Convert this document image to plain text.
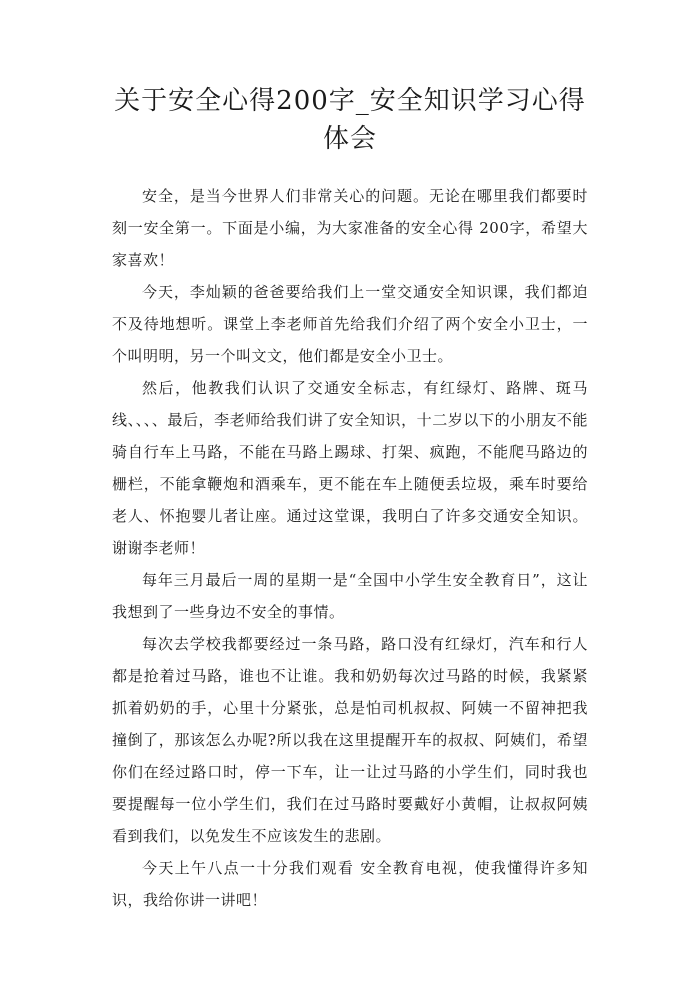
关于安全心得200字_安全知识学习心得体会

安全，是当今世界人们非常关心的问题。无论在哪里我们都要时刻一安全第一。下面是小编，为大家准备的安全心得 200字，希望大家喜欢！

今天，李灿颖的爸爸要给我们上一堂交通安全知识课，我们都迫不及待地想听。课堂上李老师首先给我们介绍了两个安全小卫士，一个叫明明，另一个叫文文，他们都是安全小卫士。

然后，他教我们认识了交通安全标志，有红绿灯、路牌、斑马线、、、、最后，李老师给我们讲了安全知识，十二岁以下的小朋友不能骑自行车上马路，不能在马路上踢球、打架、疯跑，不能爬马路边的栅栏，不能拿鞭炮和酒乘车，更不能在车上随便丢垃圾，乘车时要给老人、怀抱婴儿者让座。通过这堂课，我明白了许多交通安全知识。谢谢李老师！

每年三月最后一周的星期一是“全国中小学生安全教育日”，这让我想到了一些身边不安全的事情。

每次去学校我都要经过一条马路，路口没有红绿灯，汽车和行人都是抢着过马路，谁也不让谁。我和奶奶每次过马路的时候，我紧紧抓着奶奶的手，心里十分紧张，总是怕司机叔叔、阿姨一不留神把我撞倒了，那该怎么办呢?所以我在这里提醒开车的叔叔、阿姨们，希望你们在经过路口时，停一下车，让一让过马路的小学生们，同时我也要提醒每一位小学生们，我们在过马路时要戴好小黄帽，让叔叔阿姨看到我们，以免发生不应该发生的悲剧。

今天上午八点一十分我们观看 安全教育电视，使我懂得许多知识，我给你讲一讲吧！
